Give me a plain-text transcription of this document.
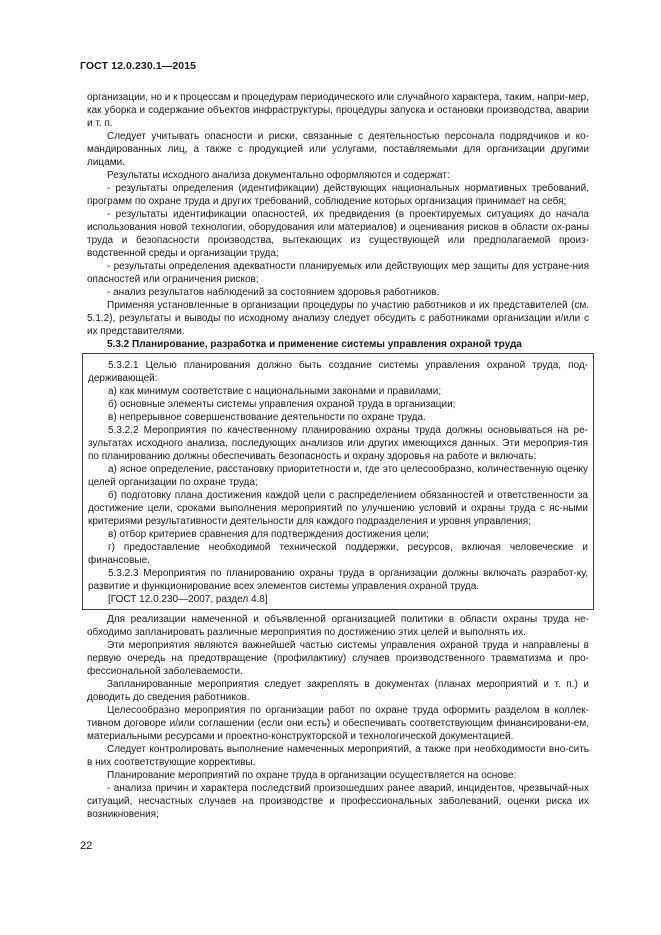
ГОСТ 12.0.230.1—2015

организации, но и к процессам и процедурам периодического или случайного характера, таким, напри-мер, как уборка и содержание объектов инфраструктуры, процедуры запуска и остановки производства, аварии и т. п.

Следует учитывать опасности и риски, связанные с деятельностью персонала подрядчиков и ко-мандированных лиц, а также с продукцией или услугами, поставляемыми для организации другими лицами.

Результаты исходного анализа документально оформляются и содержат:

- результаты определения (идентификации) действующих национальных нормативных требований, программ по охране труда и других требований, соблюдение которых организация принимает на себя;

- результаты идентификации опасностей, их предвидения (в проектируемых ситуациях до начала использования новой технологии, оборудования или материалов) и оценивания рисков в области ох-раны труда и безопасности производства, вытекающих из существующей или предполагаемой произ-водственной среды и организации труда;

- результаты определения адекватности планируемых или действующих мер защиты для устране-ния опасностей или ограничения рисков;

- анализ результатов наблюдений за состоянием здоровья работников.

Применяя установленные в организации процедуры по участию работников и их представителей (см. 5.1.2), результаты и выводы по исходному анализу следует обсудить с работниками организации и/или с их представителями.

5.3.2 Планирование, разработка и применение системы управления охраной труда

5.3.2.1 Целью планирования должно быть создание системы управления охраной труда, под-держивающей:

а) как минимум соответствие с национальными законами и правилами;

б) основные элементы системы управления охраной труда в организации;

в) непрерывное совершенствование деятельности по охране труда.

5.3.2.2 Мероприятия по качественному планированию охраны труда должны основываться на ре-зультатах исходного анализа, последующих анализов или других имеющихся данных. Эти мероприя-тия по планированию должны обеспечивать безопасность и охрану здоровья на работе и включать:

а) ясное определение, расстановку приоритетности и, где это целесообразно, количественную оценку целей организации по охране труда;

б) подготовку плана достижения каждой цели с распределением обязанностей и ответственности за достижение цели, сроками выполнения мероприятий по улучшению условий и охраны труда с яс-ными критериями результативности деятельности для каждого подразделения и уровня управления;

в) отбор критериев сравнения для подтверждения достижения цели;

г) предоставление необходимой технической поддержки, ресурсов, включая человеческие и финансовые.

5.3.2.3 Мероприятия по планированию охраны труда в организации должны включать разработ-ку, развитие и функционирование всех элементов системы управления охраной труда.

[ГОСТ 12.0.230—2007, раздел 4.8]

Для реализации намеченной и объявленной организацией политики в области охраны труда не-обходимо запланировать различные мероприятия по достижению этих целей и выполнять их.

Эти мероприятия являются важнейшей частью системы управления охраной труда и направлены в первую очередь на предотвращение (профилактику) случаев производственного травматизма и про-фессиональной заболеваемости.

Запланированные мероприятия следует закреплять в документах (планах мероприятий и т. п.) и доводить до сведения работников.

Целесообразно мероприятия по организации работ по охране труда оформить разделом в коллек-тивном договоре и/или соглашении (если они есть) и обеспечивать соответствующим финансировани-ем, материальными ресурсами и проектно-конструкторской и технологической документацией.

Следует контролировать выполнение намеченных мероприятий, а также при необходимости вно-сить в них соответствующие коррективы.

Планирование мероприятий по охране труда в организации осуществляется на основе:

- анализа причин и характера последствий произошедших ранее аварий, инцидентов, чрезвычай-ных ситуаций, несчастных случаев на производстве и профессиональных заболеваний, оценки риска их возникновения;

22
